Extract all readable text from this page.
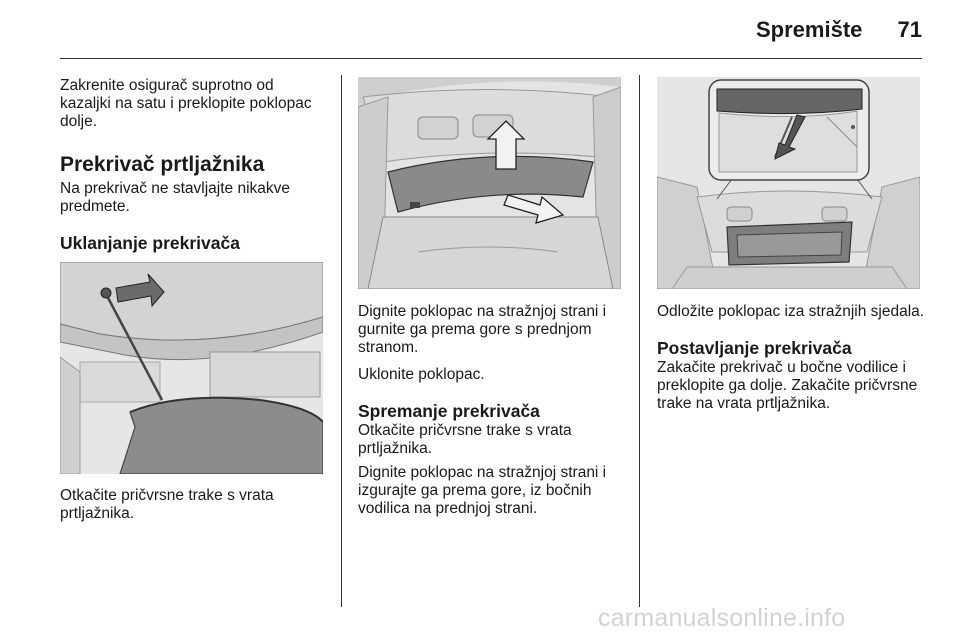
Spremište	71

Zakrenite osigurač suprotno od kazaljki na satu i preklopite poklopac dolje.

Prekrivač prtljažnika

Na prekrivač ne stavljajte nikakve predmete.

Uklanjanje prekrivača

Otkačite pričvrsne trake s vrata prtljažnika.

Dignite poklopac na stražnjoj strani i gurnite ga prema gore s prednjom stranom.

Uklonite poklopac.

Spremanje prekrivača

Otkačite pričvrsne trake s vrata prtljažnika.

Dignite poklopac na stražnjoj strani i izgurajte ga prema gore, iz bočnih vodilica na prednjoj strani.

Odložite poklopac iza stražnjih sjedala.

Postavljanje prekrivača

Zakačite prekrivač u bočne vodilice i preklopite ga dolje. Zakačite pričvrsne trake na vrata prtljažnika.

carmanualsonline.info
